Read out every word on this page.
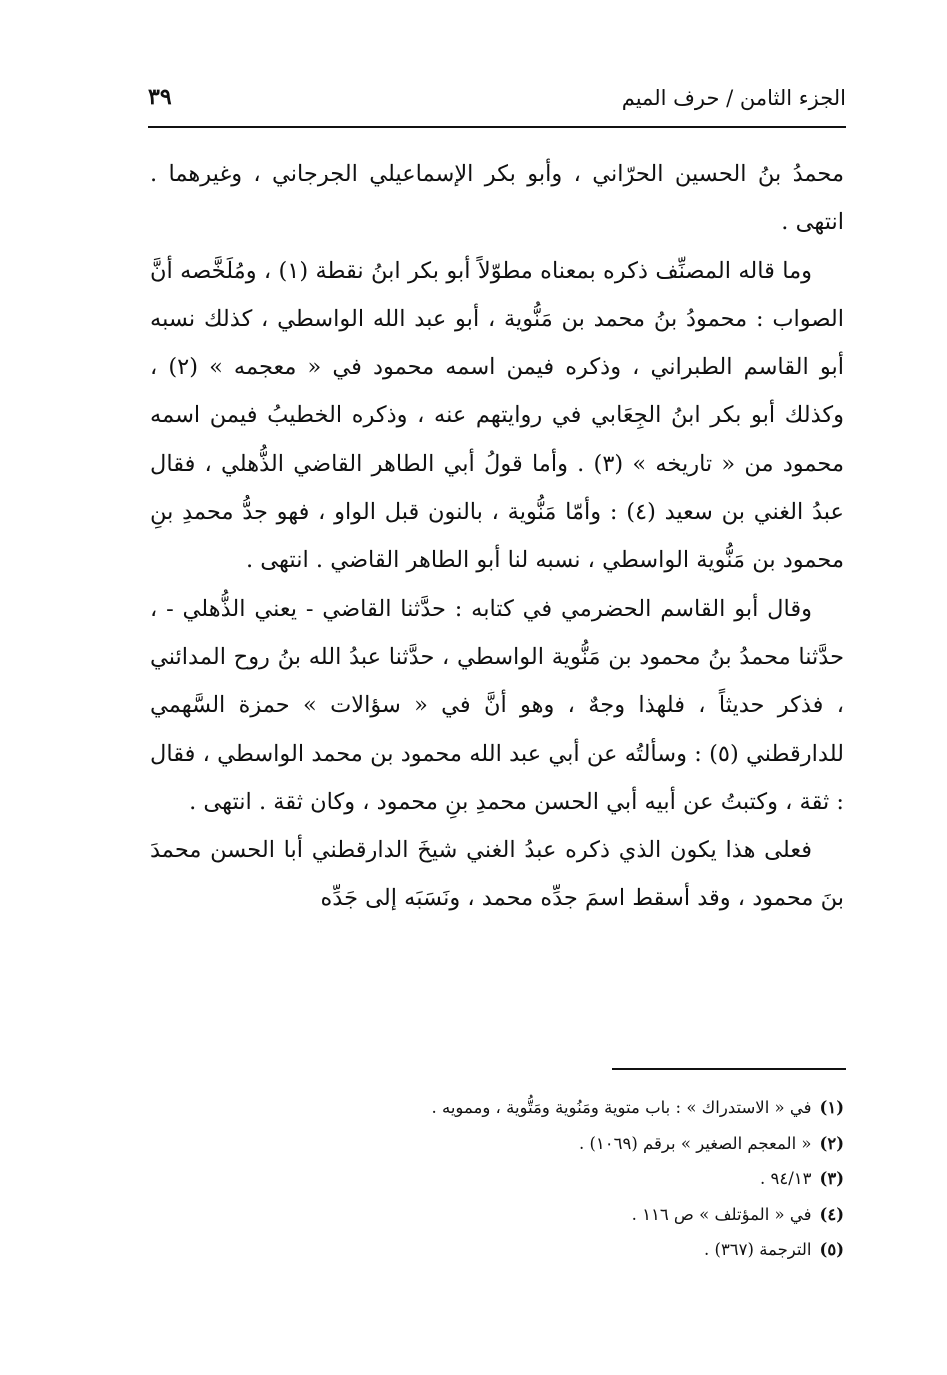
الجزء الثامن / حرف الميم
٣٩

محمدُ بنُ الحسين الحرّاني ، وأبو بكر الإسماعيلي الجرجاني ، وغيرهما . انتهى .

وما قاله المصنِّف ذكره بمعناه مطوّلاً أبو بكر ابنُ نقطة (١) ، ومُلَخَّصه أنَّ الصواب : محمودُ بنُ محمد بن مَنُّوية ، أبو عبد الله الواسطي ، كذلك نسبه أبو القاسم الطبراني ، وذكره فيمن اسمه محمود في « معجمه » (٢) ، وكذلك أبو بكر ابنُ الجِعَابي في روايتهم عنه ، وذكره الخطيبُ فيمن اسمه محمود من « تاريخه » (٣) . وأما قولُ أبي الطاهر القاضي الذُّهلي ، فقال عبدُ الغني بن سعيد (٤) : وأمّا مَنُّوية ، بالنون قبل الواو ، فهو جدُّ محمدِ بنِ محمود بن مَنُّوية الواسطي ، نسبه لنا أبو الطاهر القاضي . انتهى .

وقال أبو القاسم الحضرمي في كتابه : حدَّثنا القاضي - يعني الذُّهلي - ، حدَّثنا محمدُ بنُ محمود بن مَنُّوية الواسطي ، حدَّثنا عبدُ الله بنُ روح المدائني ، فذكر حديثاً ، فلهذا وجهٌ ، وهو أنَّ في « سؤالات » حمزة السَّهمي للدارقطني (٥) : وسألتُه عن أبي عبد الله محمود بن محمد الواسطي ، فقال : ثقة ، وكتبتُ عن أبيه أبي الحسن محمدِ بنِ محمود ، وكان ثقة . انتهى .

فعلى هذا يكون الذي ذكره عبدُ الغني شيخَ الدارقطني أبا الحسن محمدَ بنَ محمود ، وقد أسقط اسمَ جدِّه محمد ، ونَسَبَه إلى جَدِّه

(١)في « الاستدراك » : باب متوية ومَنُوية ومَتُّوية ، وممويه .
(٢)« المعجم الصغير » برقم (١٠٦٩) .
(٣)٩٤/١٣ .
(٤)في « المؤتلف » ص ١١٦ .
(٥)الترجمة (٣٦٧) .
